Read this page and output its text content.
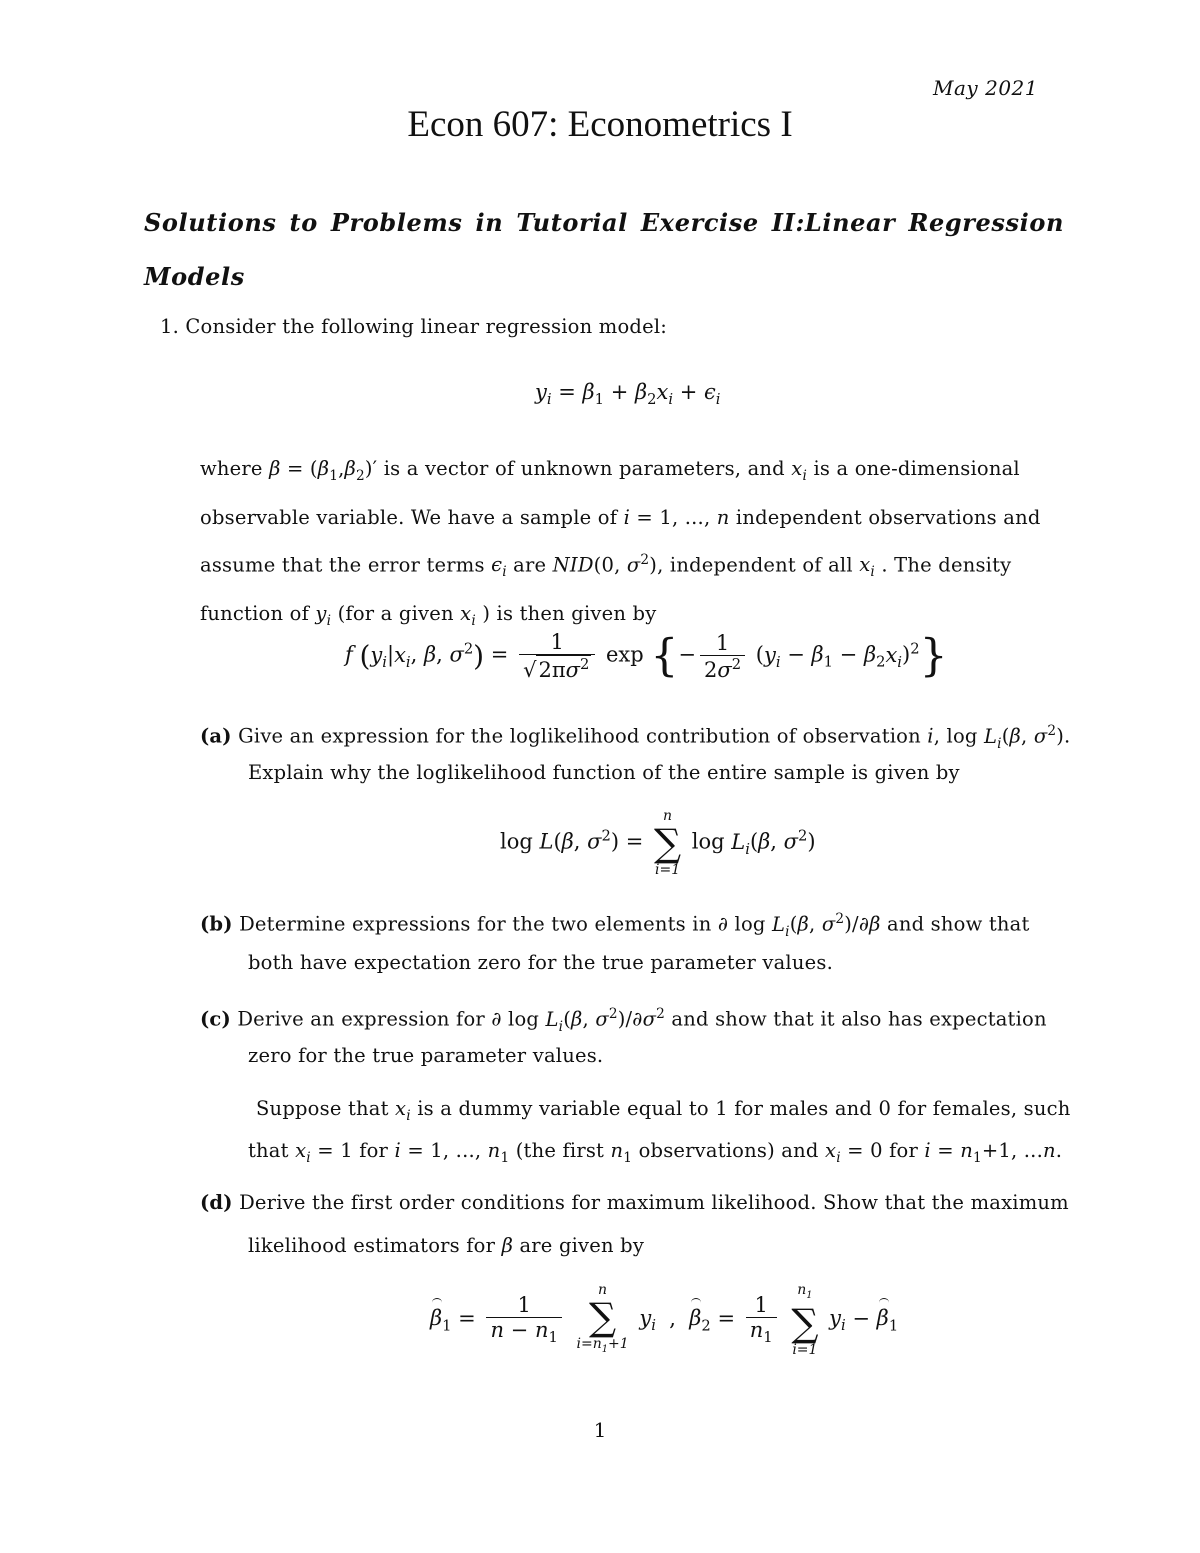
May 2021
Econ 607: Econometrics I
Solutions to Problems in Tutorial Exercise II:Linear Regression Models
1. Consider the following linear regression model:
$y_i = \beta_1 + \beta_2x_i + \epsilon_i$
where $\beta = (\beta_1,\beta_2)'$ is a vector of unknown parameters, and $x_i$ is a one-dimensional
observable variable. We have a sample of i = 1, ..., n independent observations and
assume that the error terms $\epsilon_i$ are NID(0, $\sigma^2$), independent of all $x_i$ . The density
function of $y_i$ (for a given $x_i$ ) is then given by
f ($y_i|x_i$, β, $\sigma^2) = \frac{1}{√2\pi\sigma^2}$ exp {− $\frac{1}{2\sigma^2} (y_i - \beta_1 - \beta_2x_i)^2$}
(a) Give an expression for the loglikelihood contribution of observation i, $\log L_i(\beta$, $\sigma^2$).
Explain why the loglikelihood function of the entire sample is given by
log L(β, $\sigma^2$) =
n
∑
i=1
$\log L_i(\beta$, $\sigma^2$)
(b) Determine expressions for the two elements in ∂ $\log L_i(\beta$, $\sigma^2)/\partial\beta$ and show that
both have expectation zero for the true parameter values.
(c) Derive an expression for ∂ $\log L_i(\beta$, $\sigma^2)/\partial\sigma^2$ and show that it also has expectation
zero for the true parameter values.
Suppose that $x_i$ is a dummy variable equal to 1 for males and 0 for females, such
that $x_i = 1$ for i = 1, ..., $n_1$ (the first $n_1$ observations) and $x_i = 0$ for $i = n_1+1$, ...n.
(d) Derive the first order conditions for maximum likelihood. Show that the maximum
likelihood estimators for β are given by
$\beta_1 = \frac{1}{n - n_1}$

n
∑
$i=n_1+1$
$y_i$  ,  $\beta_2 = \frac{1}{n_1}$

$n_1$
∑
i=1
$y_i - \beta_1$
1
